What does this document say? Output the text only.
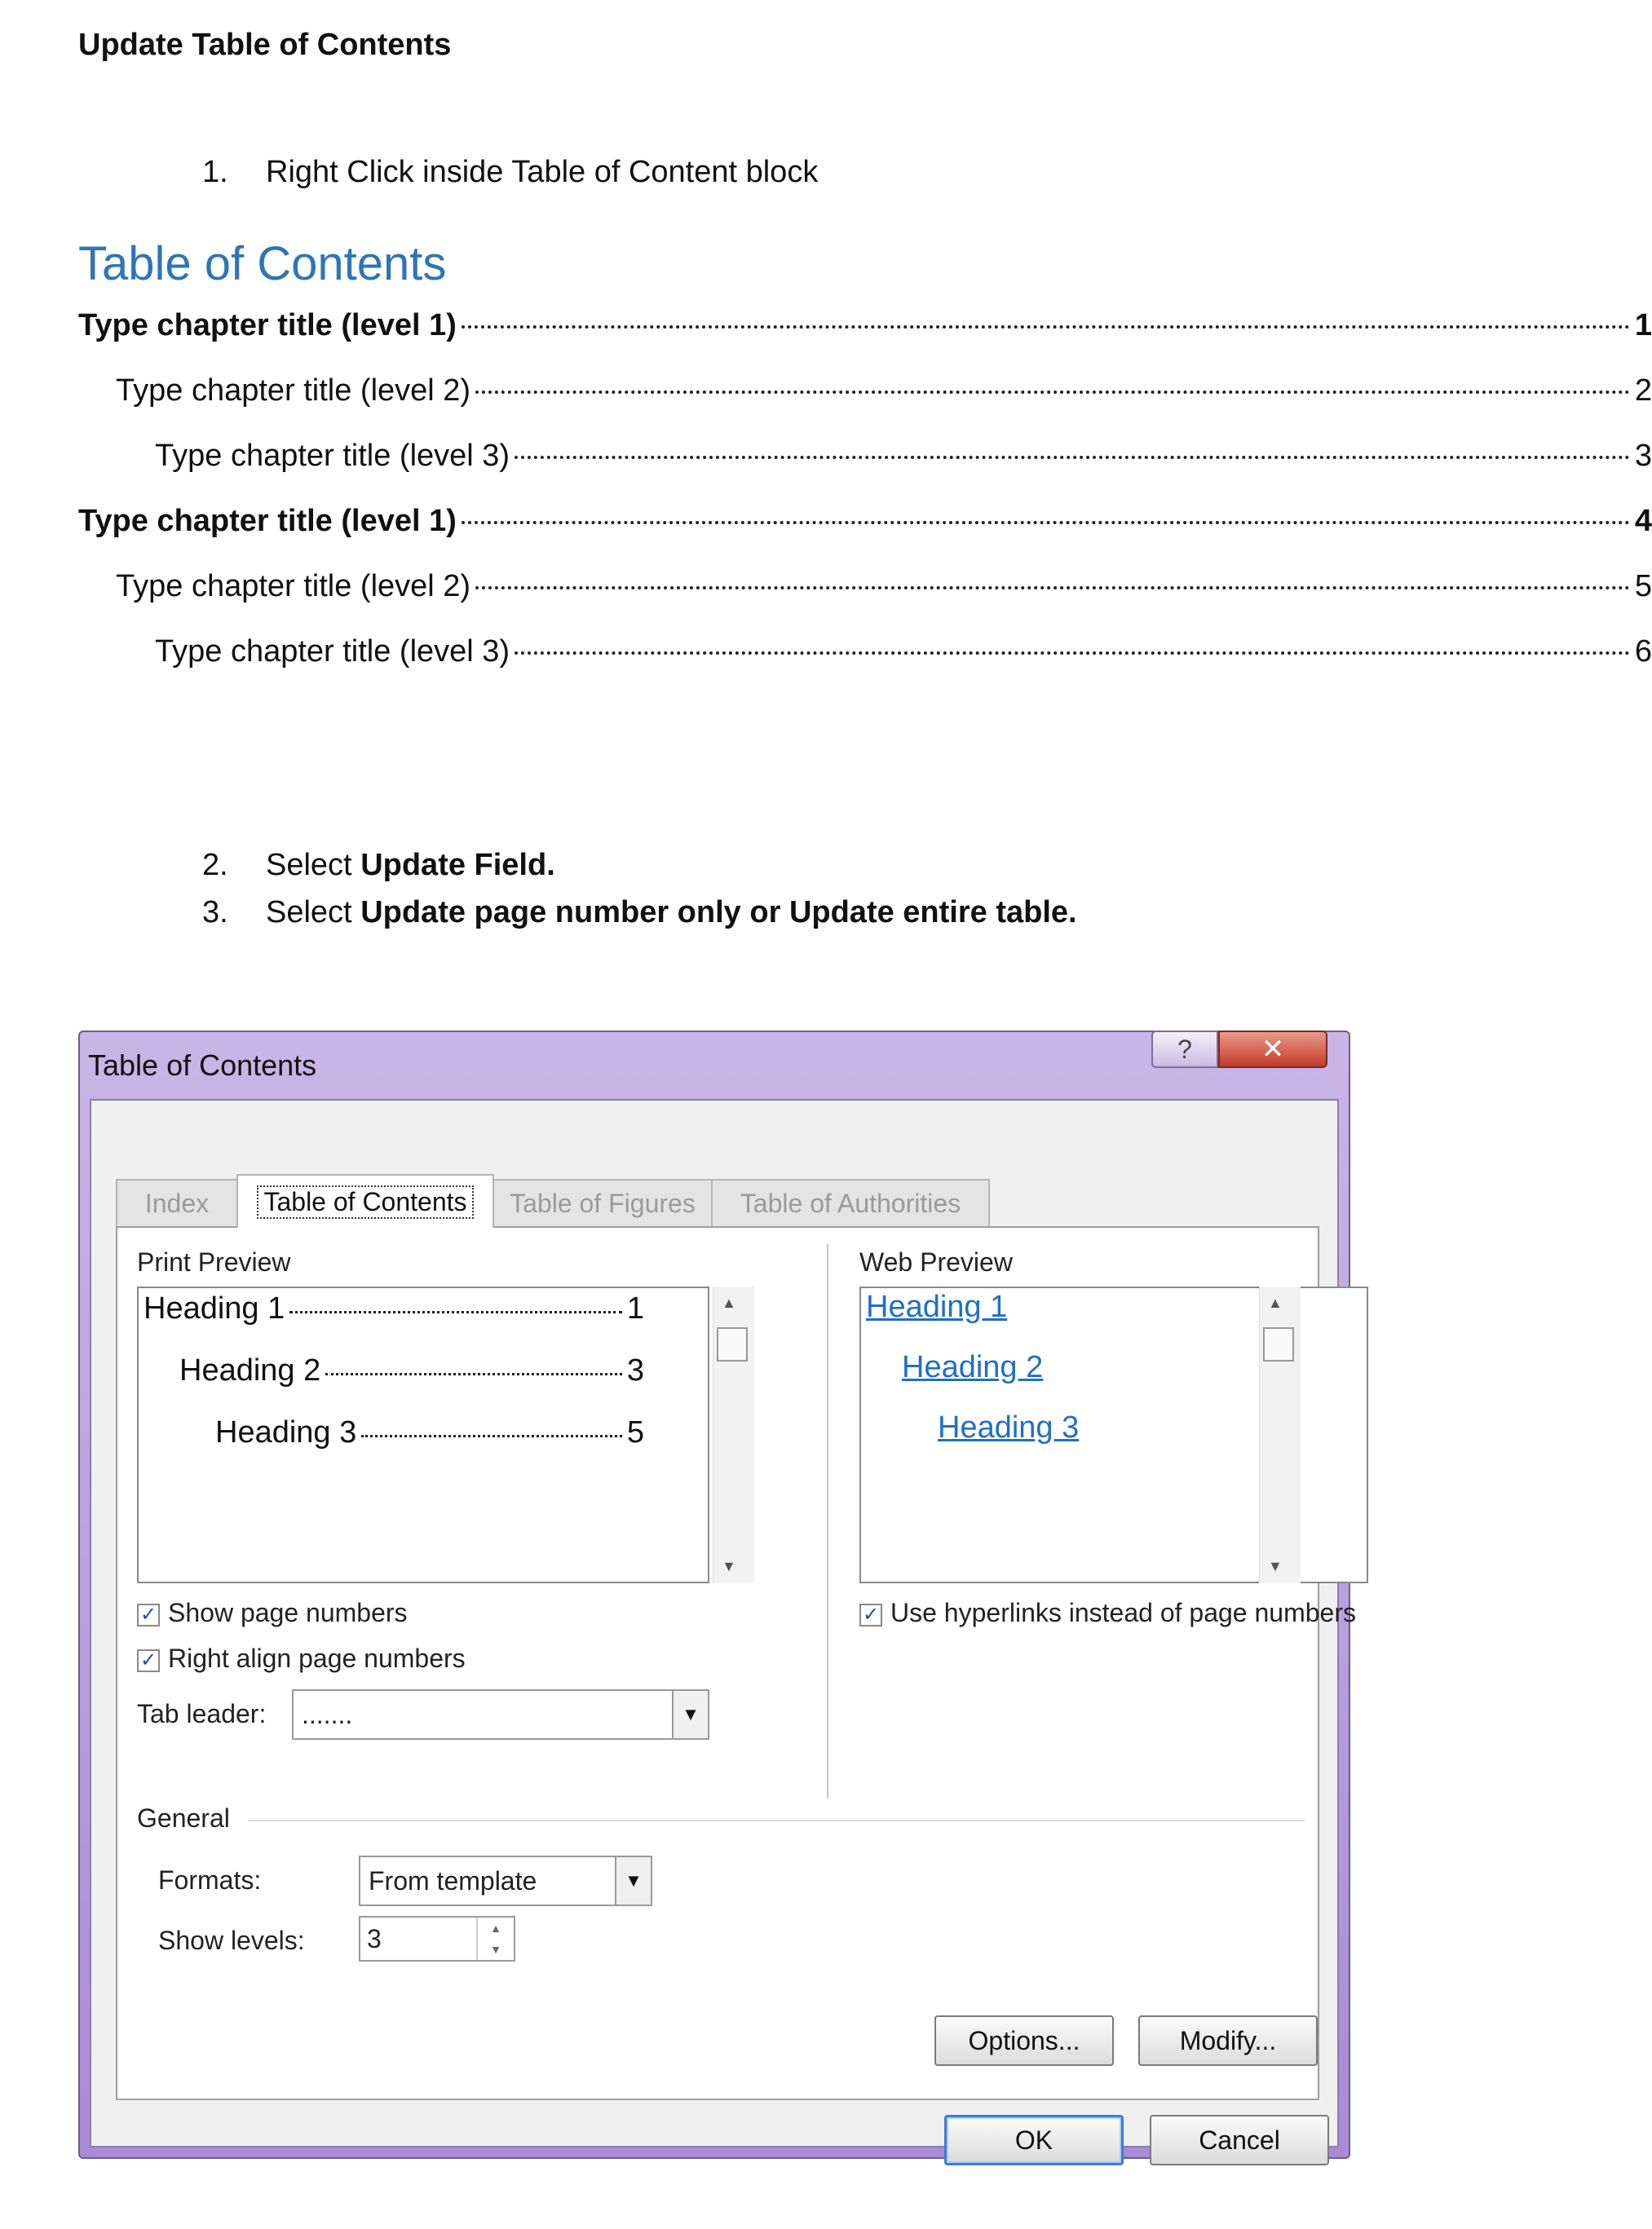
Update Table of Contents
1. Right Click inside Table of Content block
Table of Contents
Type chapter title (level 1)	1
Type chapter title (level 2)	2
Type chapter title (level 3)	3
Type chapter title (level 1)	4
Type chapter title (level 2)	5
Type chapter title (level 3)	6
2. Select Update Field.
3. Select Update page number only or Update entire table.
Table of Contents	? ✕
Index Table of Contents Table of Figures Table of Authorities
Print Preview
Heading 1	1
Heading 2	3
Heading 3	5
▲
▼
Web Preview
Heading 1
Heading 2
Heading 3
▲
▼
✓ Show page numbers
✓ Right align page numbers
✓ Use hyperlinks instead of page numbers
Tab leader:	.......	▼
General
Formats:	From template	▼
Show levels: 3	▲
▼
Options...	Modify...
OK	Cancel
